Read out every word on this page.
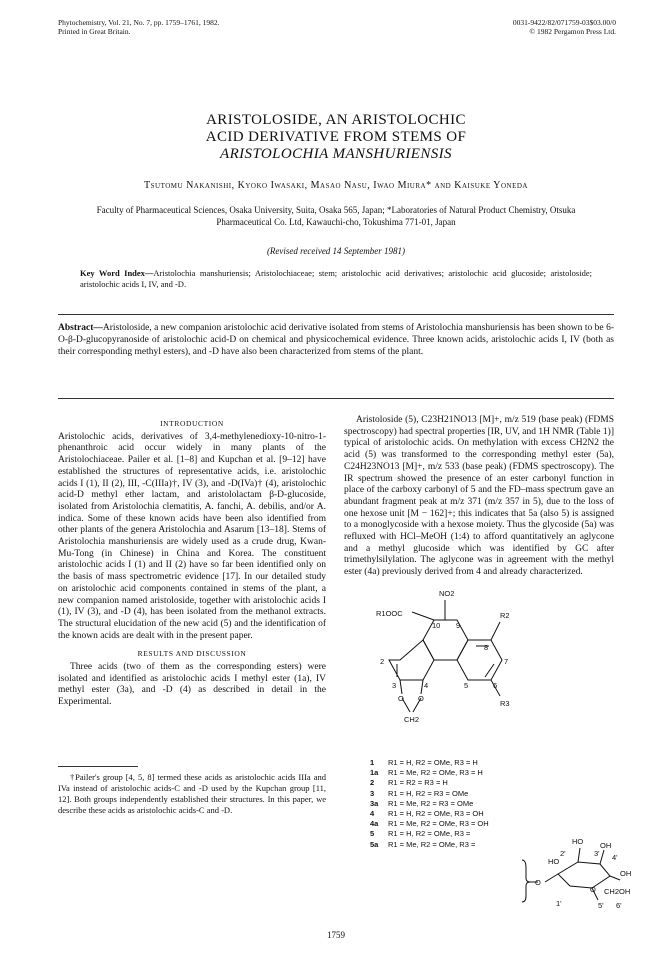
Phytochemistry, Vol. 21, No. 7, pp. 1759–1761, 1982.
Printed in Great Britain.
0031-9422/82/071759-03$03.00/0
© 1982 Pergamon Press Ltd.
ARISTOLOSIDE, AN ARISTOLOCHIC
ACID DERIVATIVE FROM STEMS OF
ARISTOLOCHIA MANSHURIENSIS
Tsutomu Nakanishi, Kyoko Iwasaki, Masao Nasu, Iwao Miura* and Kaisuke Yoneda
Faculty of Pharmaceutical Sciences, Osaka University, Suita, Osaka 565, Japan; *Laboratories of Natural Product Chemistry, Otsuka Pharmaceutical Co. Ltd, Kawauchi-cho, Tokushima 771-01, Japan
(Revised received 14 September 1981)
Key Word Index—Aristolochia manshuriensis; Aristolochiaceae; stem; aristolochic acid derivatives; aristolochic acid glucoside; aristoloside; aristolochic acids I, IV, and -D.
Abstract—Aristoloside, a new companion aristolochic acid derivative isolated from stems of Aristolochia manshuriensis has been shown to be 6-O-β-D-glucopyranoside of aristolochic acid-D on chemical and physicochemical evidence. Three known acids, aristolochic acids I, IV (both as their corresponding methyl esters), and -D have also been characterized from stems of the plant.
INTRODUCTION

Aristolochic acids, derivatives of 3,4-methylenedioxy-10-nitro-1-phenanthroic acid occur widely in many plants of the Aristolochiaceae. Pailer et al. [1–8] and Kupchan et al. [9–12] have established the structures of representative acids, i.e. aristolochic acids I (1), II (2), III, -C(IIIa)†, IV (3), and -D(IVa)† (4), aristolochic acid-D methyl ether lactam, and aristololactam β-D-glucoside, isolated from Aristolochia clematitis, A. fanchi, A. debilis, and/or A. indica. Some of these known acids have been also identified from other plants of the genera Aristolochia and Asarum [13–18]. Stems of Aristolochia manshuriensis are widely used as a crude drug, Kwan-Mu-Tong (in Chinese) in China and Korea. The constituent aristolochic acids I (1) and II (2) have so far been identified only on the basis of mass spectrometric evidence [17]. In our detailed study on aristolochic acid components contained in stems of the plant, a new companion named aristoloside, together with aristolochic acids I (1), IV (3), and -D (4), has been isolated from the methanol extracts. The structural elucidation of the new acid (5) and the identification of the known acids are dealt with in the present paper.

RESULTS AND DISCUSSION

Three acids (two of them as the corresponding esters) were isolated and identified as aristolochic acids I methyl ester (1a), IV methyl ester (3a), and -D (4) as described in detail in the Experimental.

†Pailer's group [4, 5, 8] termed these acids as aristolochic acids IIIa and IVa instead of aristolochic acids-C and -D used by the Kupchan group [11, 12]. Both groups independently established their structures. In this paper, we describe these acids as aristolochic acids-C and -D.

Aristoloside (5), C23H21NO13 [M]+, m/z 519 (base peak) (FDMS spectroscopy) had spectral properties [IR, UV, and 1H NMR (Table 1)] typical of aristolochic acids. On methylation with excess CH2N2 the acid (5) was transformed to the corresponding methyl ester (5a), C24H23NO13 [M]+, m/z 533 (base peak) (FDMS spectroscopy). The IR spectrum showed the presence of an ester carbonyl function in place of the carboxy carbonyl of 5 and the FD–mass spectrum gave an abundant fragment peak at m/z 371 (m/z 357 in 5), due to the loss of one hexose unit [M − 162]+; this indicates that 5a (also 5) is assigned to a monoglycoside with a hexose moiety. Thus the glycoside (5a) was refluxed with HCl–MeOH (1:4) to afford quantitatively an aglycone and a methyl glucoside which was identified by GC after trimethylsilylation. The aglycone was in agreement with the methyl ester (4a) previously derived from 4 and already characterized.

NO2
R1OOC	R2
R3
10 9
8
7
6
5
4
3
2
O O
CH2
1 R1 = H, R2 = OMe, R3 = H
1a R1 = Me, R2 = OMe, R3 = H
2 R1 = R2 = R3 = H
3 R1 = H, R2 = R3 = OMe
3a R1 = Me, R2 = R3 = OMe
4 R1 = H, R2 = OMe, R3 = OH
4a R1 = Me, R2 = OMe, R3 = OH
5 R1 = H, R2 = OMe, R3 =
5a R1 = Me, R2 = OMe, R3 =
O
HO
HO
OH
O CH2OH
OH
2'	3' 4'
1'	5' 6'
1759
